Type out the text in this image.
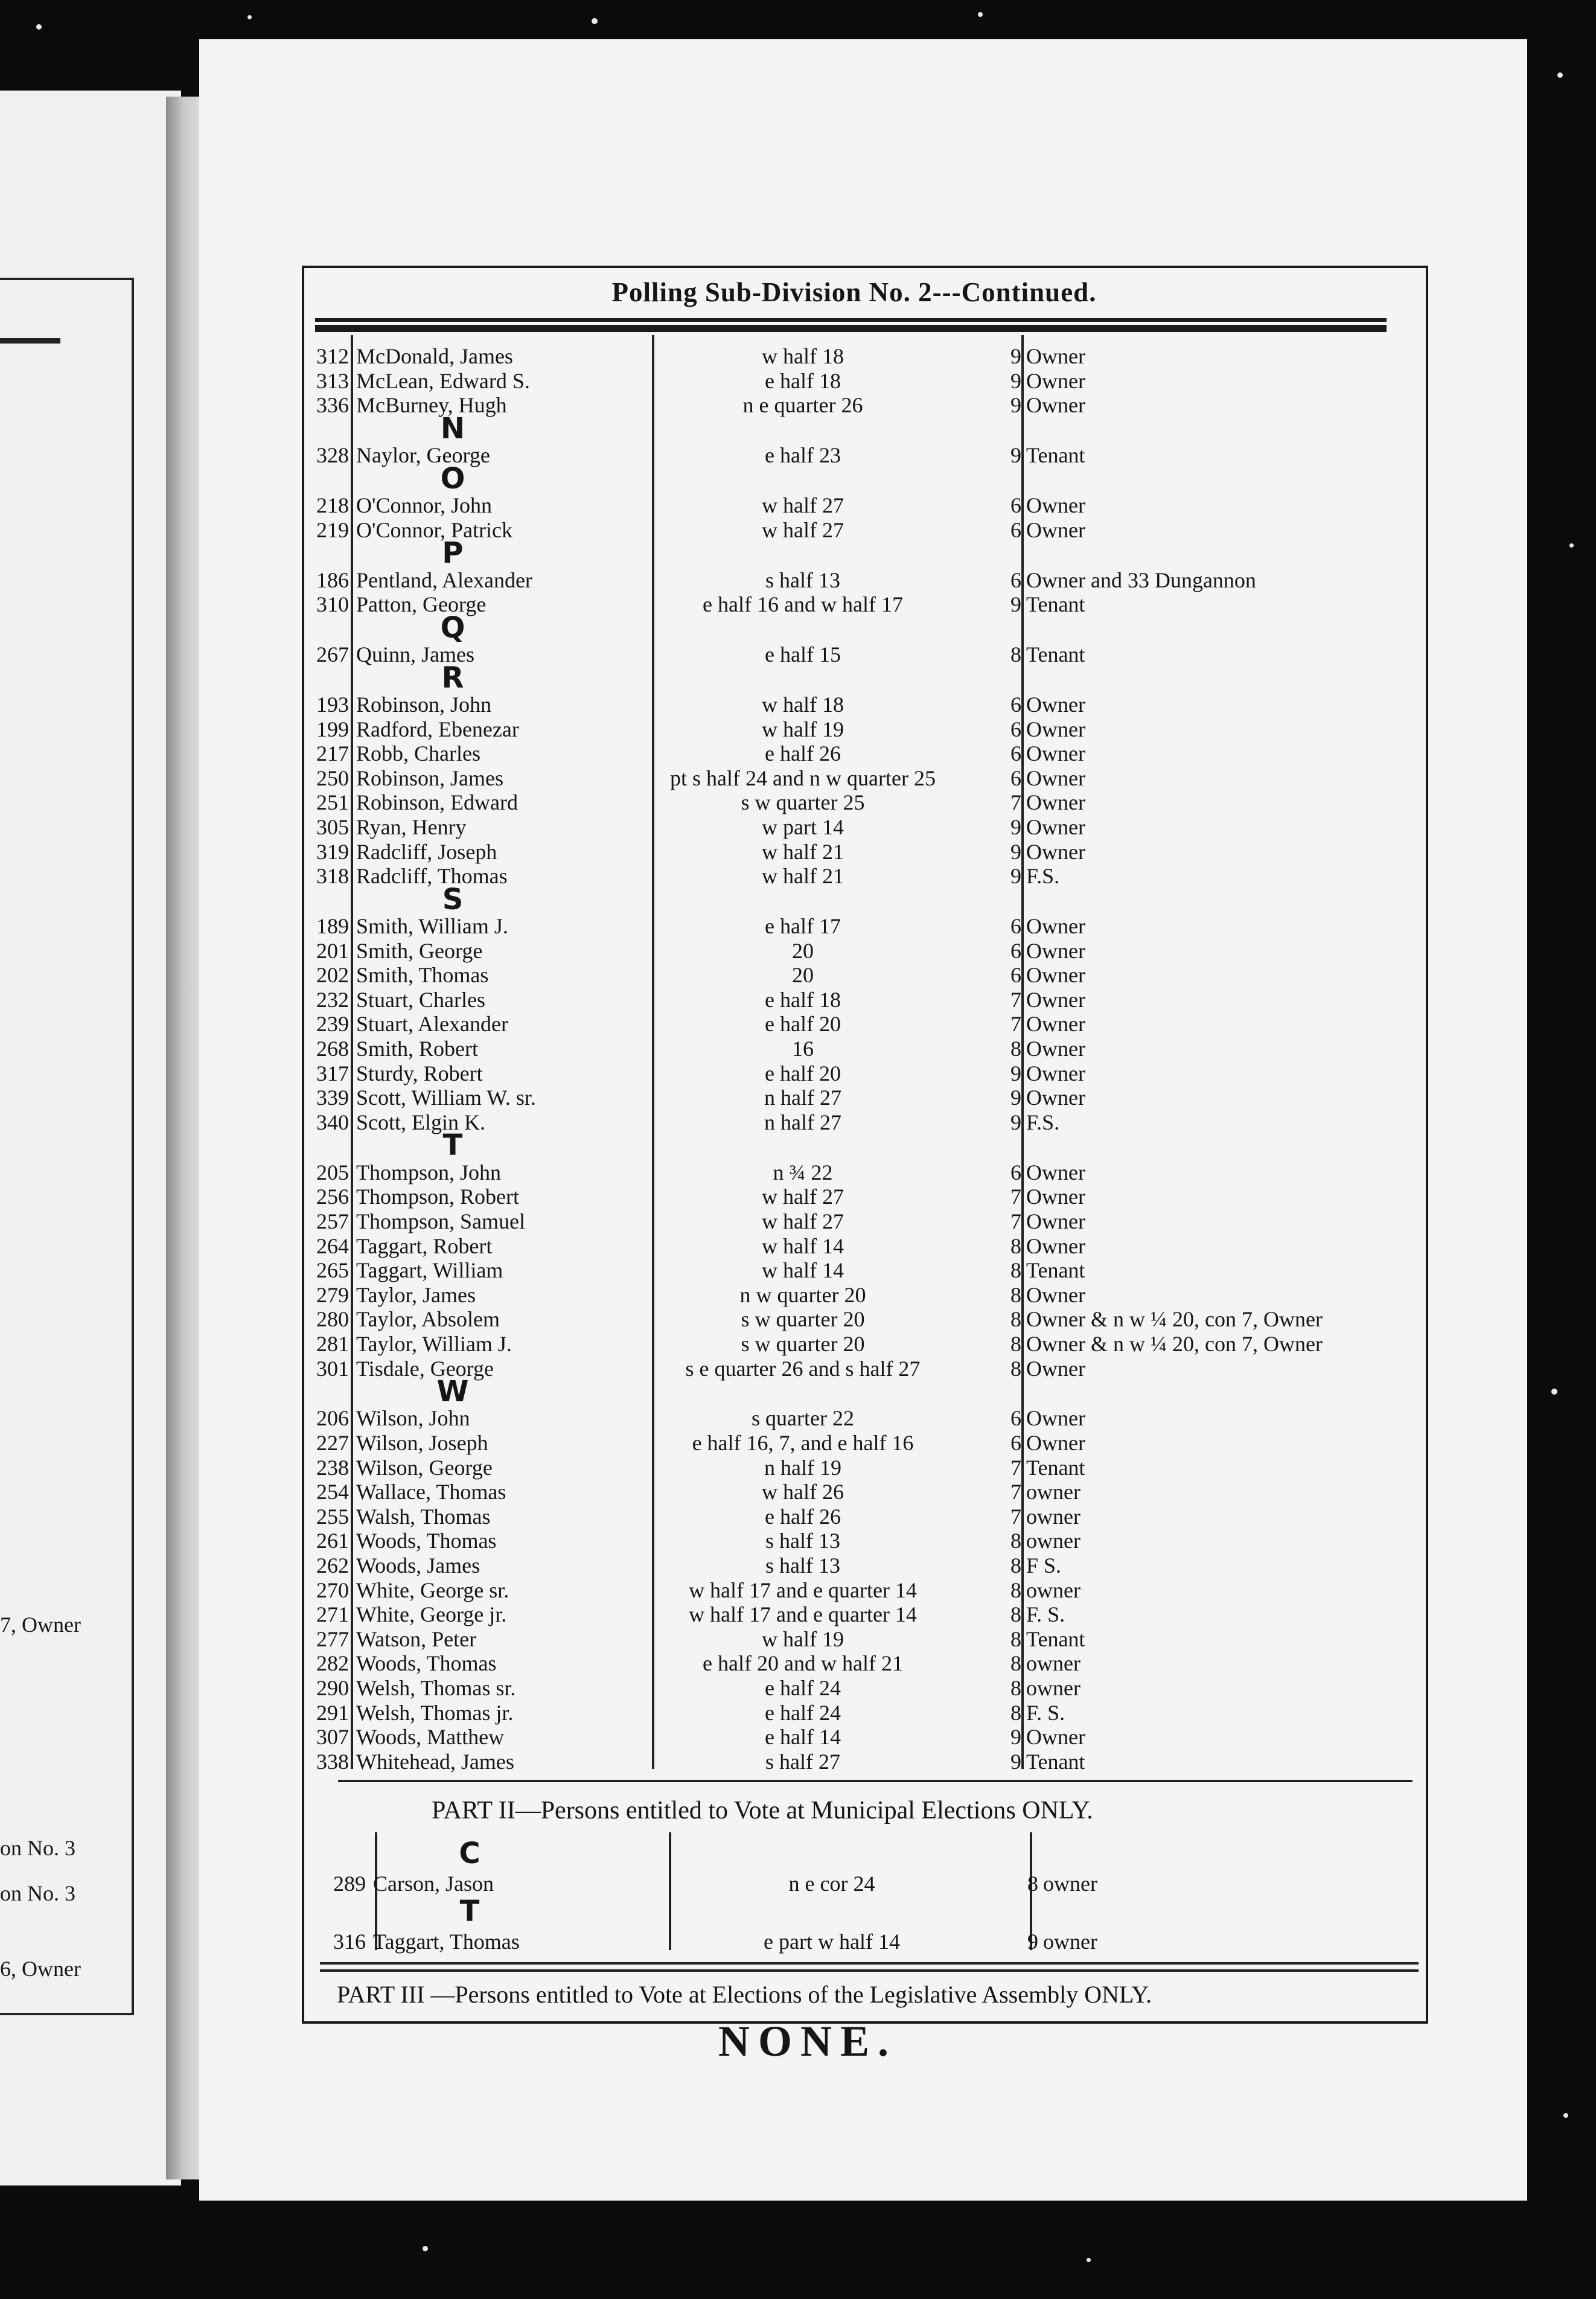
7, Owner
on No. 3
on No. 3
6, Owner
Polling Sub-Division No. 2---Continued.
312 McDonald, James	w half 18	9 Owner
313 McLean, Edward S.	e half 18	9 Owner
336 McBurney, Hugh	n e quarter 26	9 Owner
N
328 Naylor, George	e half 23	9 Tenant
O
218 O'Connor, John	w half 27	6 Owner
219 O'Connor, Patrick	w half 27	6 Owner
P
186 Pentland, Alexander	s half 13	6 Owner and 33 Dungannon
310 Patton, George	e half 16 and w half 17	9 Tenant
Q
267 Quinn, James	e half 15	8 Tenant
R
193 Robinson, John	w half 18	6 Owner
199 Radford, Ebenezar	w half 19	6 Owner
217 Robb, Charles	e half 26	6 Owner
250 Robinson, James	pt s half 24 and n w quarter 25	6 Owner
251 Robinson, Edward	s w quarter 25	7 Owner
305 Ryan, Henry	w part 14	9 Owner
319 Radcliff, Joseph	w half 21	9 Owner
318 Radcliff, Thomas	w half 21	9 F.S.
S
189 Smith, William J.	e half 17	6 Owner
201 Smith, George	20	6 Owner
202 Smith, Thomas	20	6 Owner
232 Stuart, Charles	e half 18	7 Owner
239 Stuart, Alexander	e half 20	7 Owner
268 Smith, Robert	16	8 Owner
317 Sturdy, Robert	e half 20	9 Owner
339 Scott, William W. sr.	n half 27	9 Owner
340 Scott, Elgin K.	n half 27	9 F.S.
T
205 Thompson, John	n ¾ 22	6 Owner
256 Thompson, Robert	w half 27	7 Owner
257 Thompson, Samuel	w half 27	7 Owner
264 Taggart, Robert	w half 14	8 Owner
265 Taggart, William	w half 14	8 Tenant
279 Taylor, James	n w quarter 20	8 Owner
280 Taylor, Absolem	s w quarter 20	8 Owner & n w ¼ 20, con 7, Owner
281 Taylor, William J.	s w quarter 20	8 Owner & n w ¼ 20, con 7, Owner
301 Tisdale, George	s e quarter 26 and s half 27	8 Owner
W
206 Wilson, John	s quarter 22	6 Owner
227 Wilson, Joseph	e half 16, 7, and e half 16	6 Owner
238 Wilson, George	n half 19	7 Tenant
254 Wallace, Thomas	w half 26	7 owner
255 Walsh, Thomas	e half 26	7 owner
261 Woods, Thomas	s half 13	8 owner
262 Woods, James	s half 13	8 F S.
270 White, George sr.	w half 17 and e quarter 14	8 owner
271 White, George jr.	w half 17 and e quarter 14	8 F. S.
277 Watson, Peter	w half 19	8 Tenant
282 Woods, Thomas	e half 20 and w half 21	8 owner
290 Welsh, Thomas sr.	e half 24	8 owner
291 Welsh, Thomas jr.	e half 24	8 F. S.
307 Woods, Matthew	e half 14	9 Owner
338 Whitehead, James	s half 27	9 Tenant
PART II—Persons entitled to Vote at Municipal Elections ONLY.
C
289 Carson, Jason	n e cor 24	8 owner
T
316 Taggart, Thomas	e part w half 14	9 owner
PART III —Persons entitled to Vote at Elections of the Legislative Assembly ONLY.
NONE.
